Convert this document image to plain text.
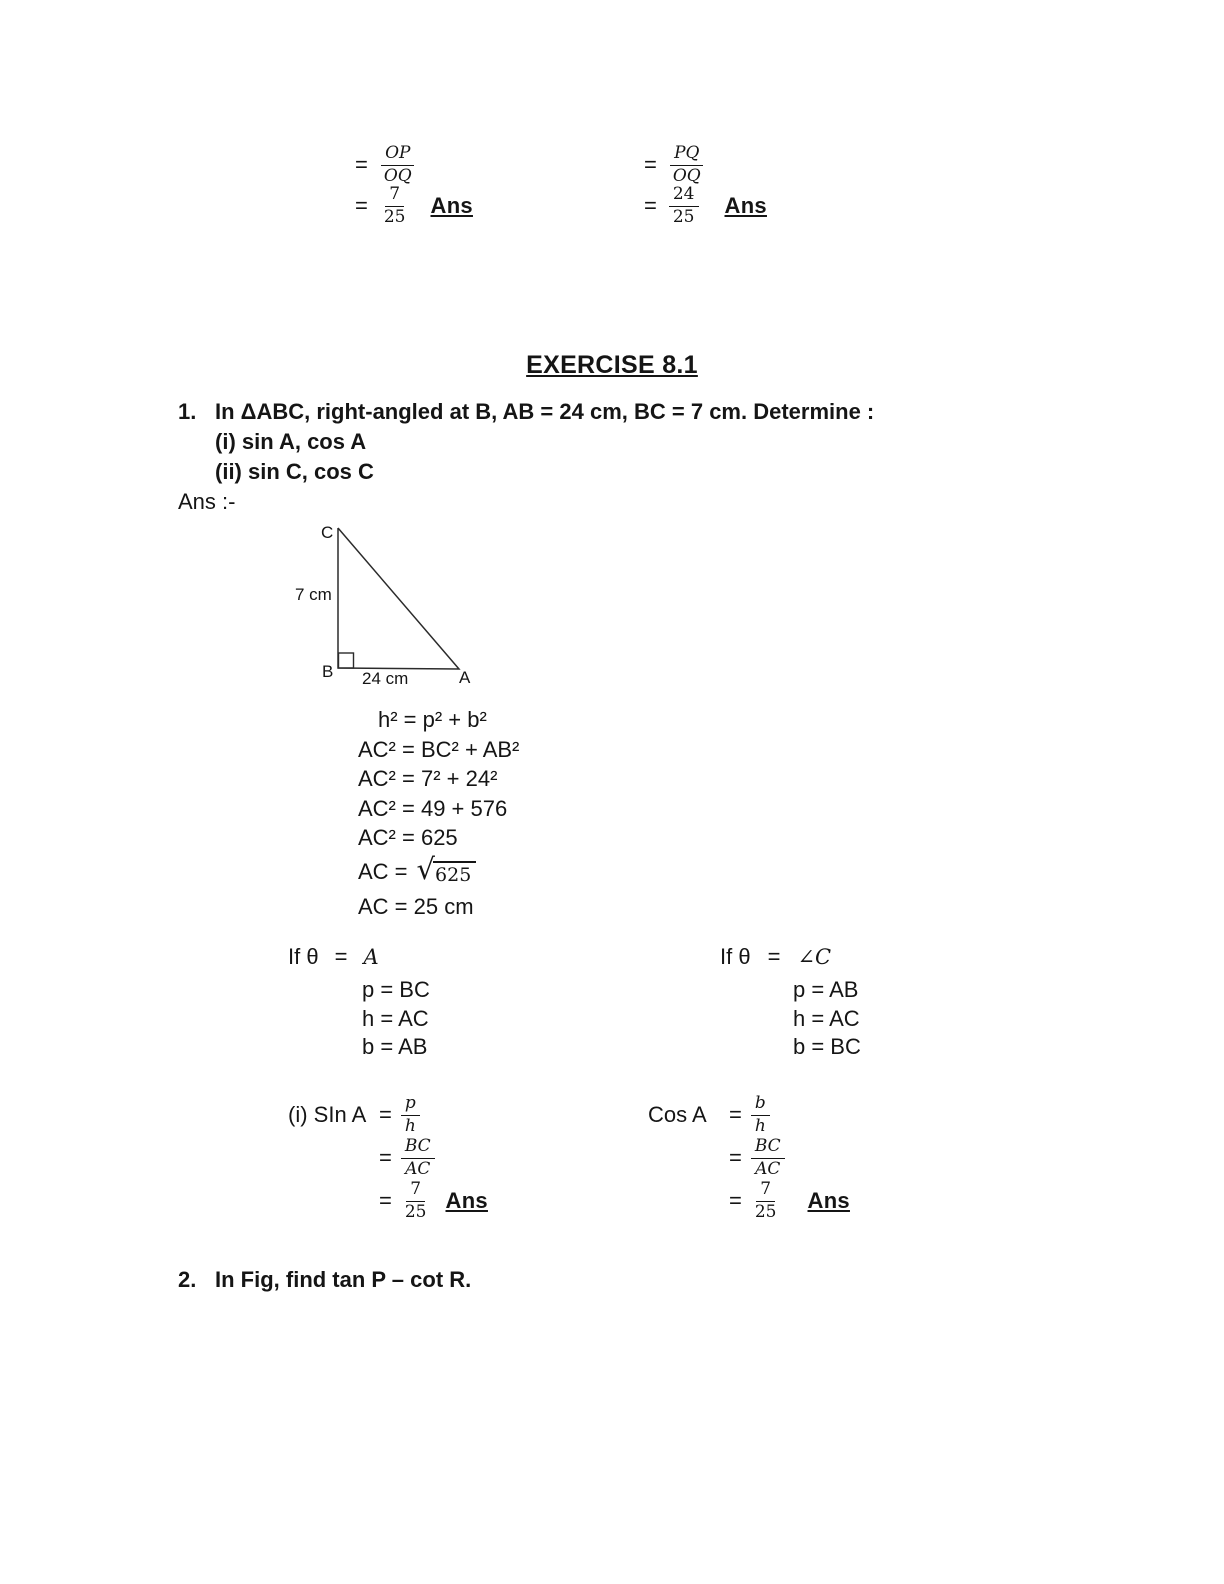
= $\frac{OP}{OQ}$
= $\frac{7}{25}$ Ans
= $\frac{PQ}{OQ}$
= $\frac{24}{25}$ Ans
EXERCISE 8.1
1. In ΔABC, right-angled at B, AB = 24 cm, BC = 7 cm. Determine :
(i) sin A, cos A
(ii) sin C, cos C
Ans :-
C
B	A
7 cm
24 cm
h² = p² + b²
AC² = BC² + AB²
AC² = 7² + 24²
AC² = 49 + 576
AC² = 625
AC = √ 625
AC = 25 cm
If θ = A
p = BC
h = AC
b = AB
If θ = ∠C
p = AB
h = AC
b = BC
(i) SIn $A = \frac{p}{h}$
= $\frac{BC}{AC}$
= $\frac{7}{25}$ Ans
Cos A	= $\frac{b}{h}$
= $\frac{BC}{AC}$
= $\frac{7}{25}$ Ans
2. In Fig, find tan P – cot R.
